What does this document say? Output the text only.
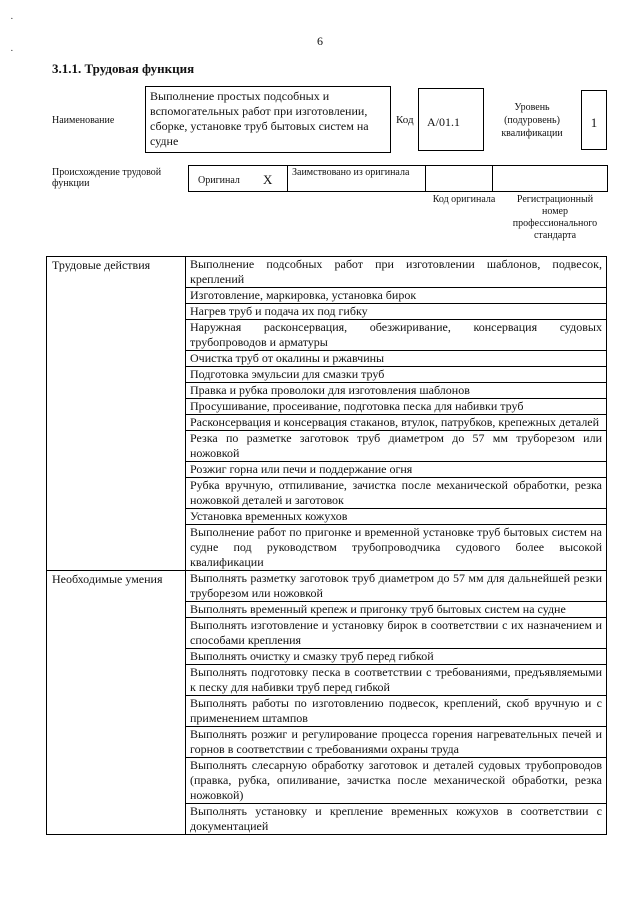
·
·
6
3.1.1. Трудовая функция
Наименование
Выполнение простых подсобных и вспомогательных работ при изготовлении, сборке, установке труб бытовых систем на судне
Код A/01.1
Уровень (подуровень) квалификации
1
Происхождение трудовой функции	Оригинал X Заимствовано из оригинала
Код оригинала	Регистрационный номер профессионального стандарта
Трудовые действия	Выполнение подсобных работ при изготовлении шаблонов, подвесок, креплений
	Изготовление, маркировка, установка бирок
	Нагрев труб и подача их под гибку
	Наружная расконсервация, обезжиривание, консервация судовых трубопроводов и арматуры
	Очистка труб от окалины и ржавчины
	Подготовка эмульсии для смазки труб
	Правка и рубка проволоки для изготовления шаблонов
	Просушивание, просеивание, подготовка песка для набивки труб
	Расконсервация и консервация стаканов, втулок, патрубков, крепежных деталей
	Резка по разметке заготовок труб диаметром до 57 мм труборезом или ножовкой
	Розжиг горна или печи и поддержание огня
	Рубка вручную, отпиливание, зачистка после механической обработки, резка ножовкой деталей и заготовок
	Установка временных кожухов
	Выполнение работ по пригонке и временной установке труб бытовых систем на судне под руководством трубопроводчика судового более высокой квалификации
Необходимые умения	Выполнять разметку заготовок труб диаметром до 57 мм для дальнейшей резки труборезом или ножовкой
	Выполнять временный крепеж и пригонку труб бытовых систем на судне
	Выполнять изготовление и установку бирок в соответствии с их назначением и способами крепления
	Выполнять очистку и смазку труб перед гибкой
	Выполнять подготовку песка в соответствии с требованиями, предъявляемыми к песку для набивки труб перед гибкой
	Выполнять работы по изготовлению подвесок, креплений, скоб вручную и с применением штампов
	Выполнять розжиг и регулирование процесса горения нагревательных печей и горнов в соответствии с требованиями охраны труда
	Выполнять слесарную обработку заготовок и деталей судовых трубопроводов (правка, рубка, опиливание, зачистка после механической обработки, резка ножовкой)
	Выполнять установку и крепление временных кожухов в соответствии с документацией
